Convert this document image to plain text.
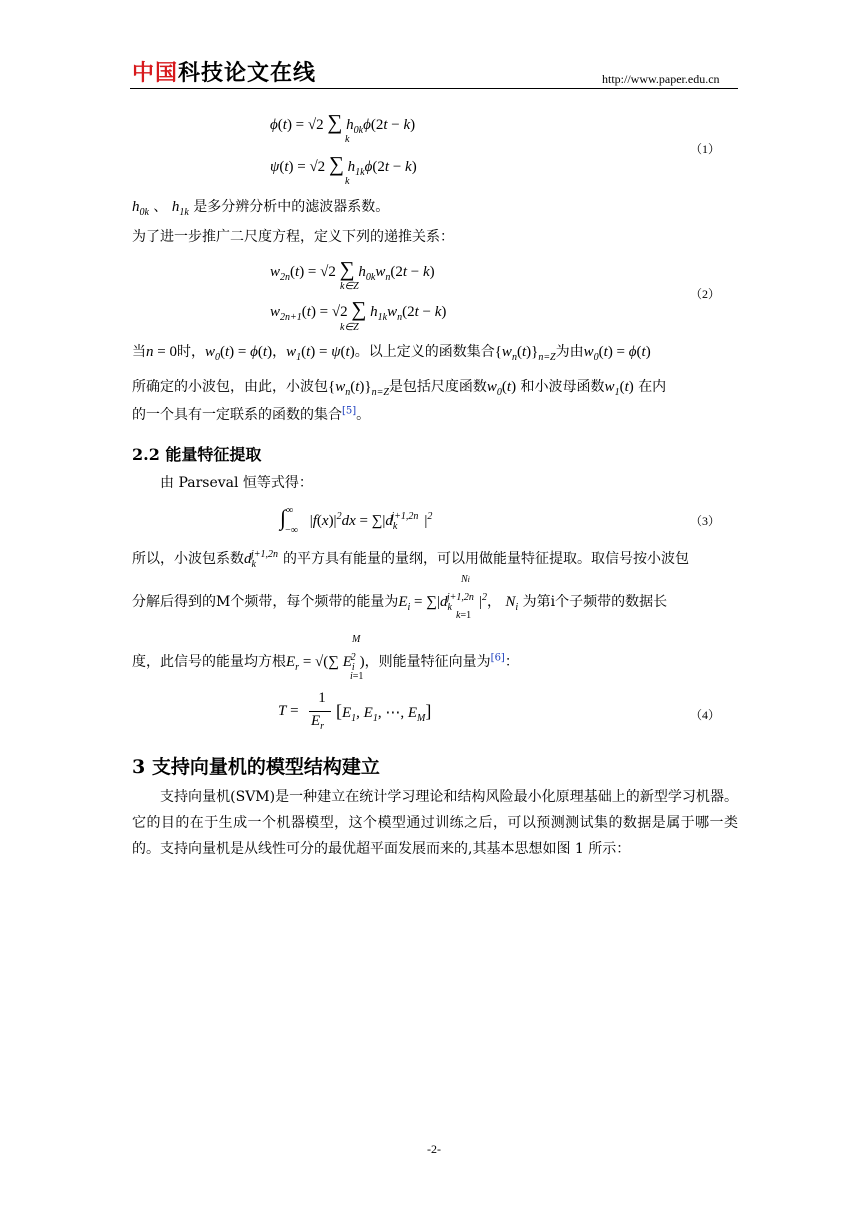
中国科技论文在线	http://www.paper.edu.cn
ϕ(t) = √2 ∑ $h_{0k}\phi(2t - k)$
k
ψ(t) = √2 ∑ $h_{1k}\phi(2t - k)$
k
（1）
$h_{0k}$ 、 $h_{1k}$ 是多分辨分析中的滤波器系数。
为了进一步推广二尺度方程，定义下列的递推关系：
$w_{2n}(t) = √2$ ∑ $h_{0k}w_n(2t - k)$
k∈Z
$w_{2n+1}(t) = √2$ ∑ $h_{1k}w_n(2t - k)$
k∈Z
（2）
当n = 0时，$w_0(t) = \phi(t)$，$w_1(t) = \psi(t)$。以上定义的函数集合$\{w_n(t)\}_{n=Z}$为由$w_0(t) = \phi(t)$
所确定的小波包，由此，小波包$\{w_n(t)\}_{n=Z}$是包括尺度函数$w_0(t)$ 和小波母函数$w_1(t)$ 在内
的一个具有一定联系的函数的集合[5]。
2.2 能量特征提取
由 Parseval 恒等式得：
$\int^\infty_{-\infty}$ $|f(x)|^2dx = \sum|d_k^{j+1,2n}$ $|^2$	（3）
所以，小波包系数$d_k^{j+1,2n}$ 的平方具有能量的量纲，可以用做能量特征提取。取信号按小波包
分解后得到的M个频带，每个频带的能量为$E_i = \sum|d_k^{j+1,2n}$ $|^2$， $N_i$ 为第i个子频带的数据长
Ni
k=1
度，此信号的能量均方根$E_r$ = √(∑ $E_i^2$ )，则能量特征向量为[6]：
M
i=1
T =
1
$E_r$
[$E_1$, $E_1$, ⋯, $E_M$]	（4）
3 支持向量机的模型结构建立
支持向量机(SVM)是一种建立在统计学习理论和结构风险最小化原理基础上的新型学习机器。它的目的在于生成一个机器模型，这个模型通过训练之后，可以预测测试集的数据是属于哪一类的。支持向量机是从线性可分的最优超平面发展而来的,其基本思想如图 1 所示：
-2-
